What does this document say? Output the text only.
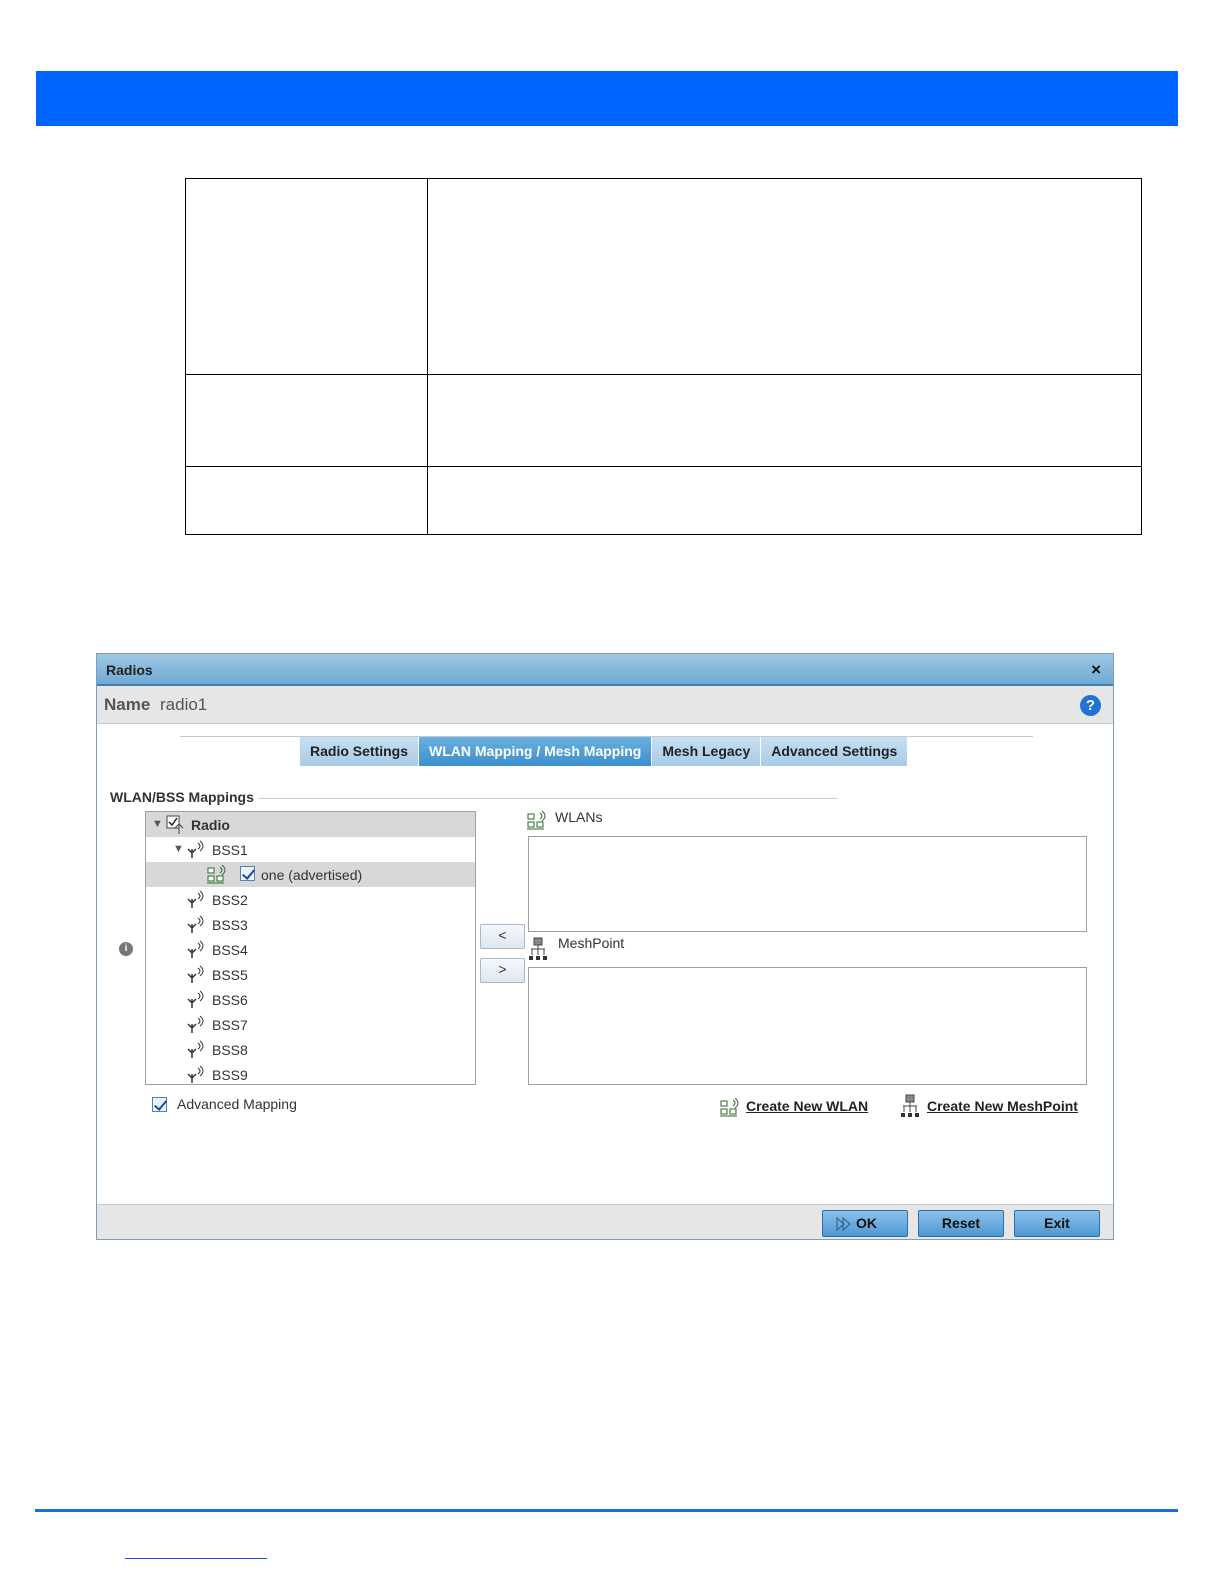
Radios	×
Name radio1	?
Radio Settings	WLAN Mapping / Mesh Mapping	Mesh Legacy	Advanced Settings
WLAN/BSS Mappings
i
▼ Radio
▼ BSS1
one (advertised)
BSS2
BSS3
BSS4
BSS5
BSS6
BSS7
BSS8
BSS9
<
>
WLANs
MeshPoint
Advanced Mapping	Create New WLAN	Create New MeshPoint
OK	Reset	Exit
